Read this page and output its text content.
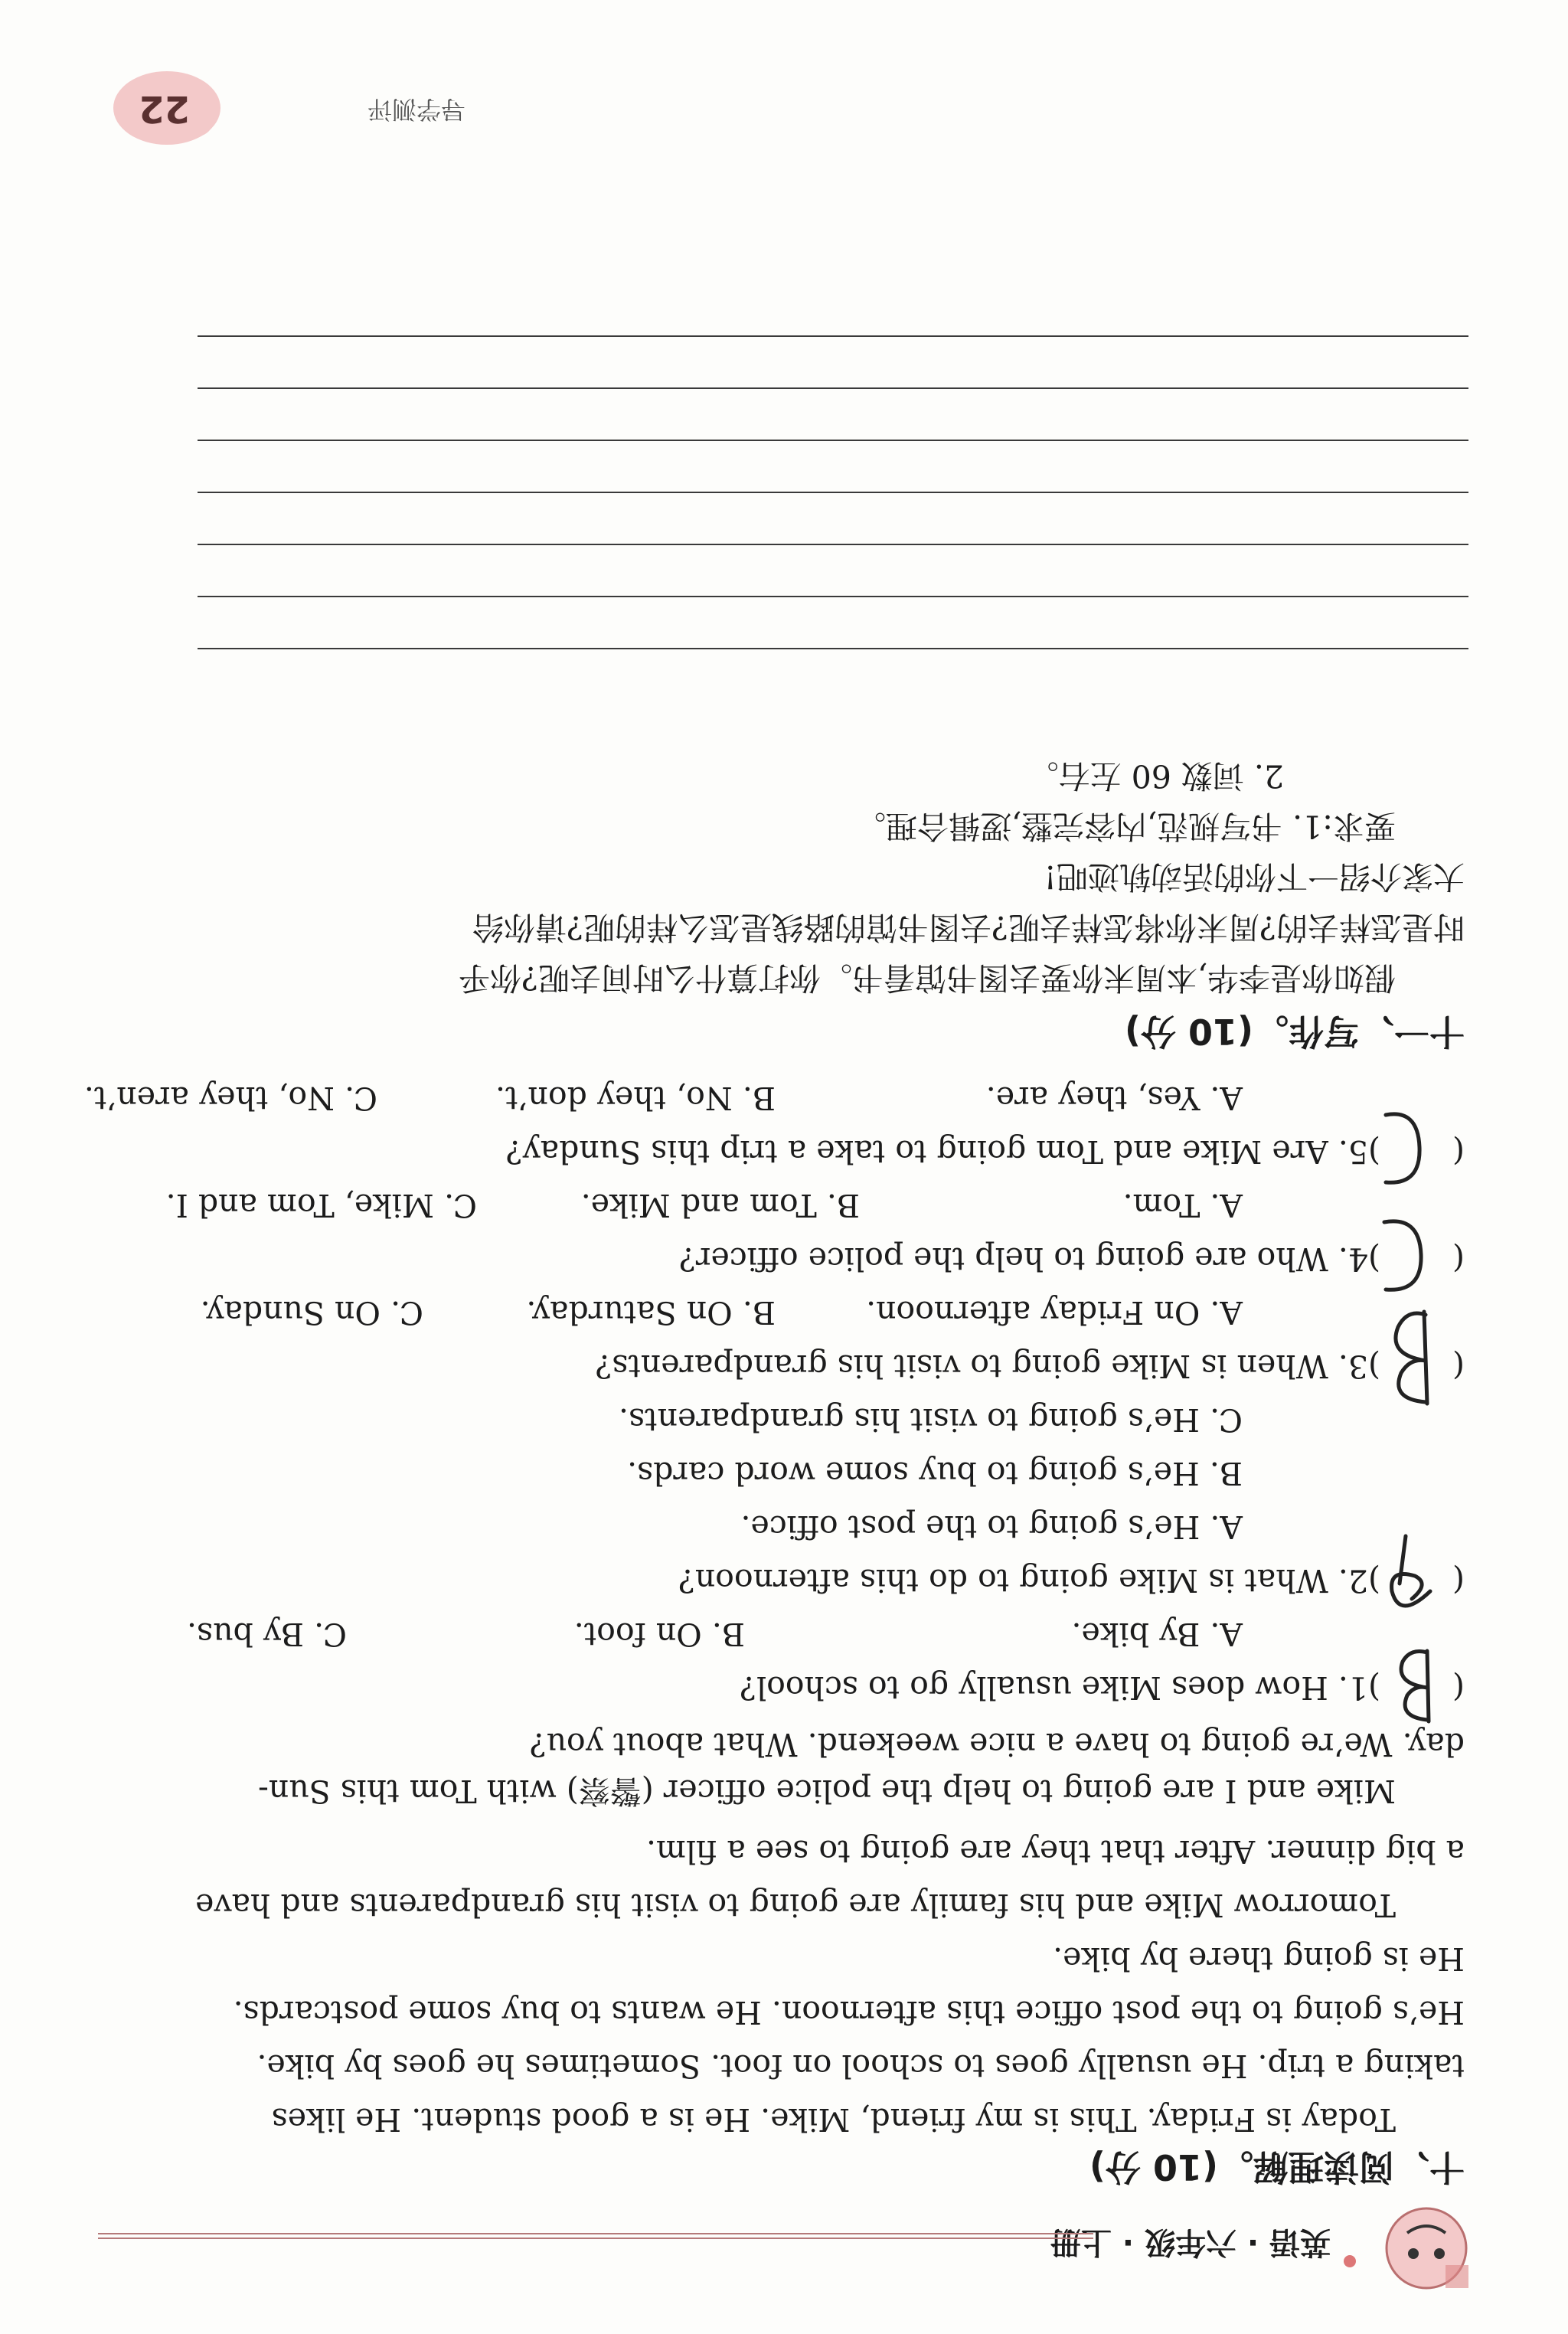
英语 · 六年级 · 上册
十、阅读理解。(10 分)
Today is Friday. This is my friend, Mike. He is a good student. He likes
taking a trip. He usually goes to school on foot. Sometimes he goes by bike.
He’s going to the post office this afternoon. He wants to buy some postcards.
He is going there by bike.
Tomorrow Mike and his family are going to visit his grandparents and have
a big dinner. After that they are going to see a film.
Mike and I are going to help the police officer (警察) with Tom this Sun-
day. We’re going to have a nice weekend. What about you?
(
)1. How does Mike usually go to school?
A. By bike.
B. On foot.
C. By bus.
(
)2. What is Mike going to do this afternoon?
A. He’s going to the post office.
B. He’s going to buy some word cards.
C. He’s going to visit his grandparents.
(
)3. When is Mike going to visit his grandparents?
A. On Friday afternoon.
B. On Saturday.
C. On Sunday.
(
)4. Who are going to help the police officer?
A. Tom.
B. Tom and Mike.
C. Mike, Tom and I.
(
)5. Are Mike and Tom going to take a trip this Sunday?
A. Yes, they are.
B. No, they don’t.
C. No, they aren’t.
十一、写作。(10 分)
假如你是李华,本周末你要去图书馆看书。你打算什么时间去呢?你乎
时是怎样去的?周末你将怎样去呢?去图书馆的路线是怎么样的呢?请你给
大家介绍一下你的活动轨迹吧!
要求:1. 书写规范,内容完整,逻辑合理。
2. 词数 60 左右。
导学测评
22
